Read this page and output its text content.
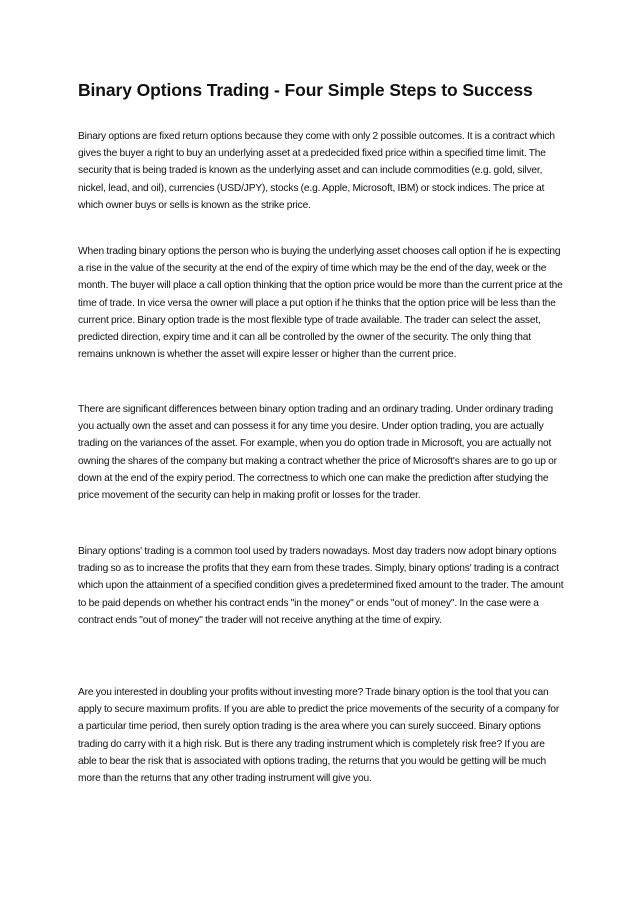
Binary Options Trading - Four Simple Steps to Success

Binary options are fixed return options because they come with only 2 possible outcomes. It is a contract which gives the buyer a right to buy an underlying asset at a predecided fixed price within a specified time limit. The security that is being traded is known as the underlying asset and can include commodities (e.g. gold, silver, nickel, lead, and oil), currencies (USD/JPY), stocks (e.g. Apple, Microsoft, IBM) or stock indices. The price at which owner buys or sells is known as the strike price.

When trading binary options the person who is buying the underlying asset chooses call option if he is expecting a rise in the value of the security at the end of the expiry of time which may be the end of the day, week or the month. The buyer will place a call option thinking that the option price would be more than the current price at the time of trade. In vice versa the owner will place a put option if he thinks that the option price will be less than the current price. Binary option trade is the most flexible type of trade available. The trader can select the asset, predicted direction, expiry time and it can all be controlled by the owner of the security. The only thing that remains unknown is whether the asset will expire lesser or higher than the current price.

There are significant differences between binary option trading and an ordinary trading. Under ordinary trading you actually own the asset and can possess it for any time you desire. Under option trading, you are actually trading on the variances of the asset. For example, when you do option trade in Microsoft, you are actually not owning the shares of the company but making a contract whether the price of Microsoft's shares are to go up or down at the end of the expiry period. The correctness to which one can make the prediction after studying the price movement of the security can help in making profit or losses for the trader.

Binary options' trading is a common tool used by traders nowadays. Most day traders now adopt binary options trading so as to increase the profits that they earn from these trades. Simply, binary options' trading is a contract which upon the attainment of a specified condition gives a predetermined fixed amount to the trader. The amount to be paid depends on whether his contract ends "in the money" or ends "out of money". In the case were a contract ends "out of money" the trader will not receive anything at the time of expiry.

Are you interested in doubling your profits without investing more? Trade binary option is the tool that you can apply to secure maximum profits. If you are able to predict the price movements of the security of a company for a particular time period, then surely option trading is the area where you can surely succeed. Binary options trading do carry with it a high risk. But is there any trading instrument which is completely risk free? If you are able to bear the risk that is associated with options trading, the returns that you would be getting will be much more than the returns that any other trading instrument will give you.
